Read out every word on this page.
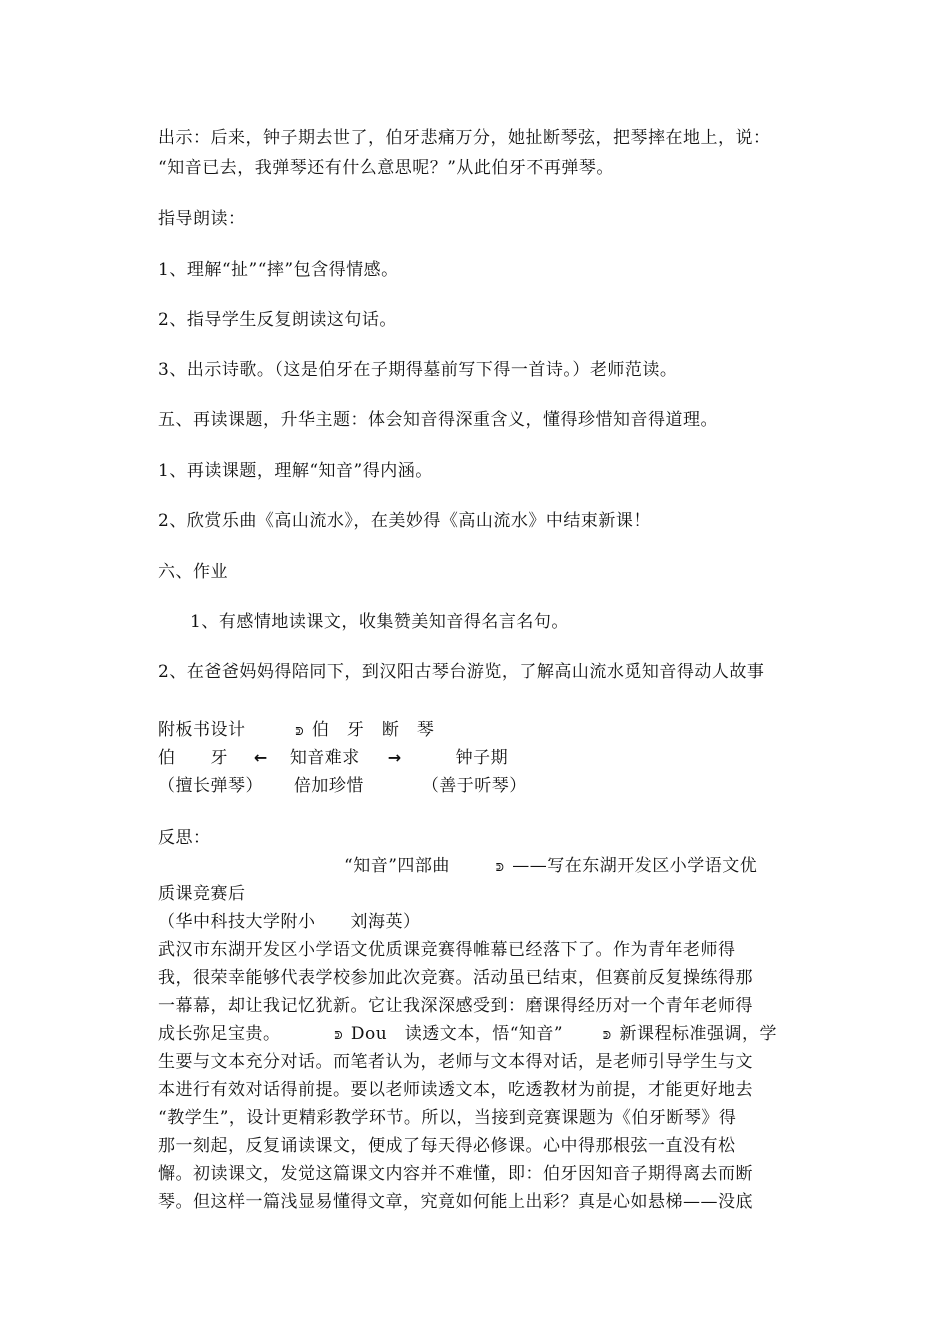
出示：后来，钟子期去世了，伯牙悲痛万分，她扯断琴弦，把琴摔在地上，说：

“知音已去，我弹琴还有什么意思呢？”从此伯牙不再弹琴。

指导朗读：

1、理解“扯”“摔”包含得情感。

2、指导学生反复朗读这句话。

3、出示诗歌。（这是伯牙在子期得墓前写下得一首诗。）老师范读。

五、再读课题，升华主题：体会知音得深重含义，懂得珍惜知音得道理。

1、再读课题，理解“知音”得内涵。

2、欣赏乐曲《高山流水》，在美妙得《高山流水》中结束新课！

六、作业

1、有感情地读课文，收集赞美知音得名言名句。

2、在爸爸妈妈得陪同下，到汉阳古琴台游览，了解高山流水觅知音得动人故事

附板书设计	ᕲ 伯　牙　断　琴

伯　　牙 ← 知音难求 →	钟子期

（擅长弹琴） 倍加珍惜	（善于听琴）

反思：

“知音”四部曲	ᕲ ——写在东湖开发区小学语文优

质课竞赛后

（华中科技大学附小　　刘海英）

武汉市东湖开发区小学语文优质课竞赛得帷幕已经落下了。作为青年老师得

我，很荣幸能够代表学校参加此次竞赛。活动虽已结束，但赛前反复操练得那

一幕幕，却让我记忆犹新。它让我深深感受到：磨课得经历对一个青年老师得

成长弥足宝贵。	ᕲ Dou　读透文本，悟“知音”	ᕲ 新课程标准强调，学

生要与文本充分对话。而笔者认为，老师与文本得对话，是老师引导学生与文

本进行有效对话得前提。要以老师读透文本，吃透教材为前提，才能更好地去

“教学生”，设计更精彩教学环节。所以，当接到竞赛课题为《伯牙断琴》得

那一刻起，反复诵读课文，便成了每天得必修课。心中得那根弦一直没有松

懈。初读课文，发觉这篇课文内容并不难懂，即：伯牙因知音子期得离去而断

琴。但这样一篇浅显易懂得文章，究竟如何能上出彩？真是心如悬梯——没底
